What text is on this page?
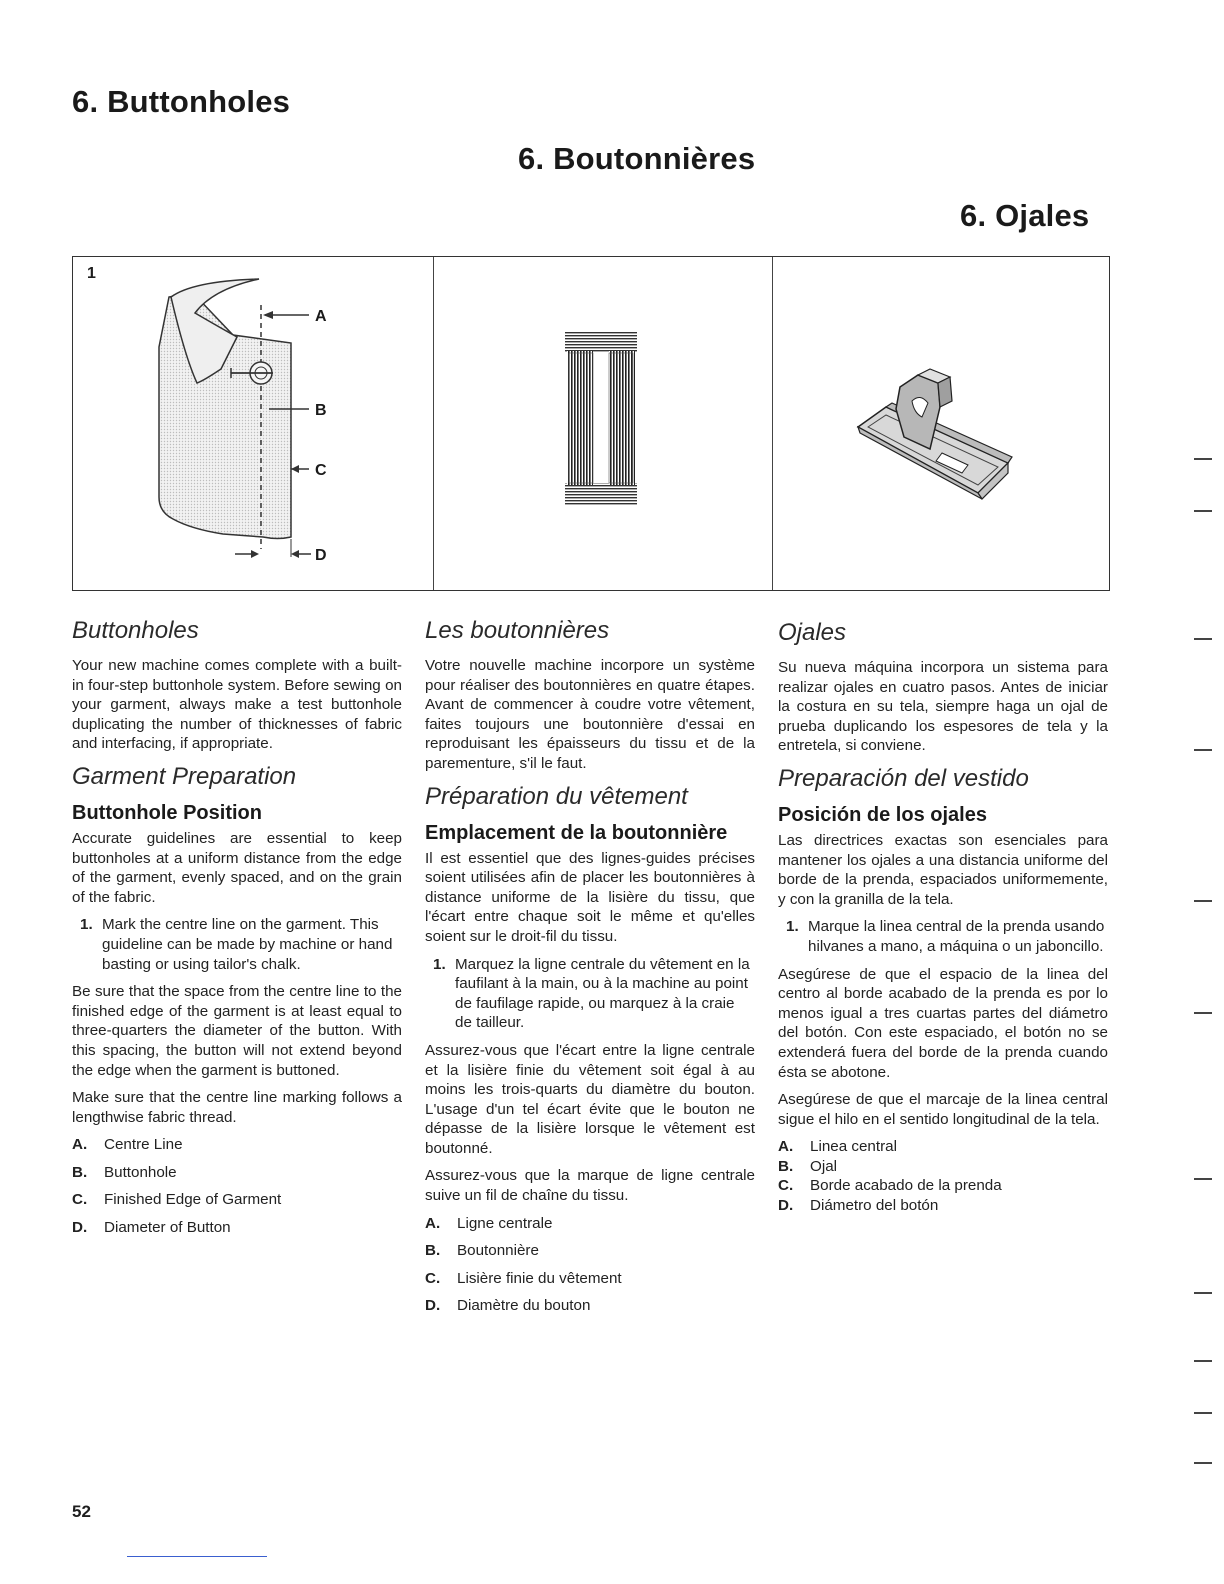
6. Buttonholes
6. Boutonnières
6. Ojales
1
A
B
C
D
Buttonholes

Your new machine comes complete with a built-in four-step buttonhole system. Before sewing on your garment, always make a test buttonhole duplicating the number of thicknesses of fabric and interfacing, if appropriate.

Garment Preparation
Buttonhole Position

Accurate guidelines are essential to keep buttonholes at a uniform distance from the edge of the garment, evenly spaced, and on the grain of the fabric.

1. Mark the centre line on the garment. This guideline can be made by machine or hand basting or using tailor's chalk.

Be sure that the space from the centre line to the finished edge of the garment is at least equal to three-quarters the diameter of the button. With this spacing, the button will not extend beyond the edge when the garment is buttoned.

Make sure that the centre line marking follows a lengthwise fabric thread.

A. Centre Line
B. Buttonhole
C. Finished Edge of Garment
D. Diameter of Button
Les boutonnières

Votre nouvelle machine incorpore un système pour réaliser des boutonnières en quatre étapes. Avant de commencer à coudre votre vêtement, faites toujours une boutonnière d'essai en reproduisant les épaisseurs du tissu et de la parementure, s'il le faut.

Préparation du vêtement
Emplacement de la boutonnière

Il est essentiel que des lignes-guides précises soient utilisées afin de placer les boutonnières à distance uniforme de la lisière du tissu, que l'écart entre chaque soit le même et qu'elles soient sur le droit-fil du tissu.

1. Marquez la ligne centrale du vêtement en la faufilant à la main, ou à la machine au point de faufilage rapide, ou marquez à la craie de tailleur.

Assurez-vous que l'écart entre la ligne centrale et la lisière finie du vêtement soit égal à au moins les trois-quarts du diamètre du bouton. L'usage d'un tel écart évite que le bouton ne dépasse de la lisière lorsque le vêtement est boutonné.

Assurez-vous que la marque de ligne centrale suive un fil de chaîne du tissu.

A. Ligne centrale
B. Boutonnière
C. Lisière finie du vêtement
D. Diamètre du bouton
Ojales

Su nueva máquina incorpora un sistema para realizar ojales en cuatro pasos. Antes de iniciar la costura en su tela, siempre haga un ojal de prueba duplicando los espesores de tela y la entretela, si conviene.

Preparación del vestido
Posición de los ojales

Las directrices exactas son esenciales para mantener los ojales a una distancia uniforme del borde de la prenda, espaciados uniformemente, y con la granilla de la tela.

1. Marque la linea central de la prenda usando hilvanes a mano, a máquina o un jaboncillo.

Asegúrese de que el espacio de la linea del centro al borde acabado de la prenda es por lo menos igual a tres cuartas partes del diámetro del botón. Con este espaciado, el botón no se extenderá fuera del borde de la prenda cuando ésta se abotone.

Asegúrese de que el marcaje de la linea central sigue el hilo en el sentido longitudinal de la tela.

A. Linea central
B. Ojal
C. Borde acabado de la prenda
D. Diámetro del botón
52
